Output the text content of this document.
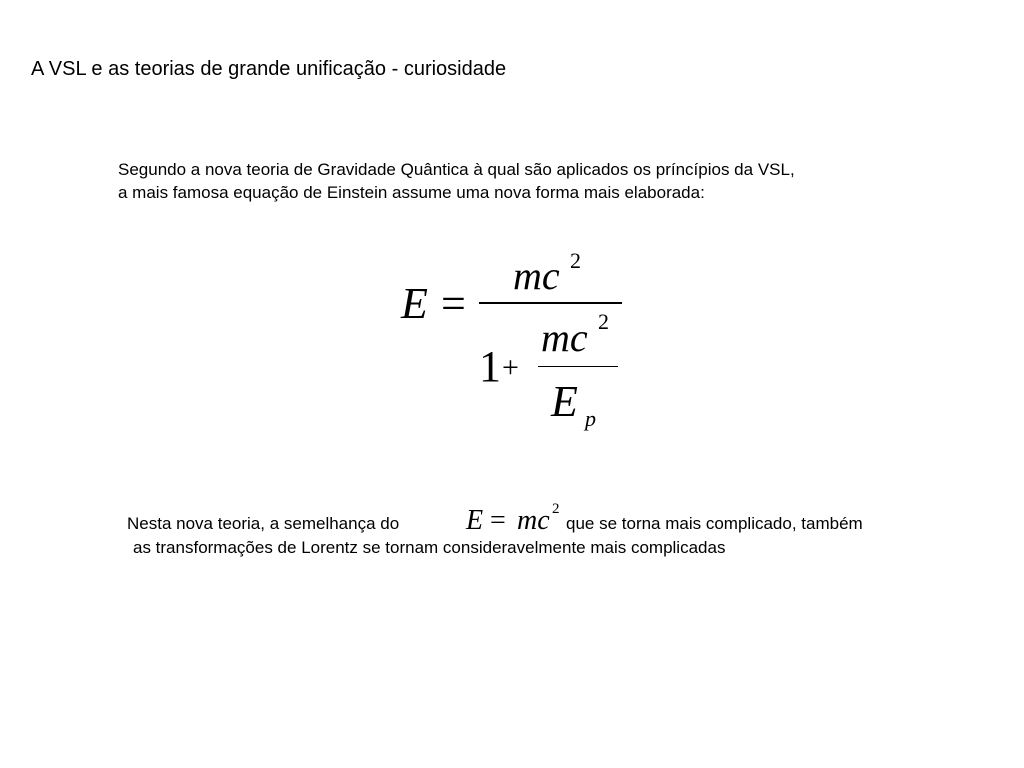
A VSL e as teorias de grande unificação - curiosidade
Segundo a nova teoria de Gravidade Quântica à qual são aplicados os príncípios da VSL,
a mais famosa equação de Einstein assume uma nova forma mais elaborada:
E =
mc 2
1 +
mc 2
E p
Nesta nova teoria, a semelhança do E = mc 2
que se torna mais complicado, também
as transformações de Lorentz se tornam consideravelmente mais complicadas
